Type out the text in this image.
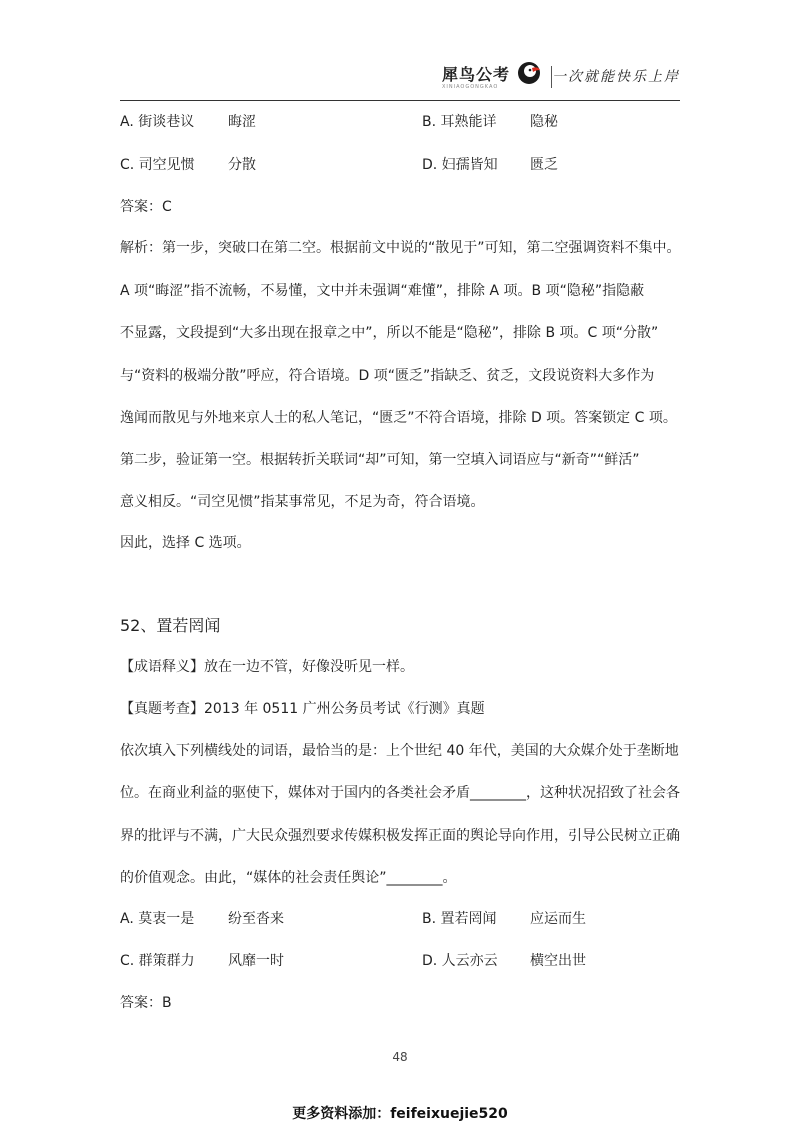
犀鸟公考
XINIAOGONGKAO
一次就能快乐上岸
A. 街谈巷议 晦涩	B. 耳熟能详 隐秘
C. 司空见惯 分散	D. 妇孺皆知 匮乏
答案：C
解析：第一步，突破口在第二空。根据前文中说的“散见于”可知，第二空强调资料不集中。
A 项“晦涩”指不流畅，不易懂，文中并未强调“难懂”，排除 A 项。B 项“隐秘”指隐蔽
不显露，文段提到“大多出现在报章之中”，所以不能是“隐秘”，排除 B 项。C 项“分散”
与“资料的极端分散”呼应，符合语境。D 项“匮乏”指缺乏、贫乏，文段说资料大多作为
逸闻而散见与外地来京人士的私人笔记，“匮乏”不符合语境，排除 D 项。答案锁定 C 项。
第二步，验证第一空。根据转折关联词“却”可知，第一空填入词语应与“新奇”“鲜活”
意义相反。“司空见惯”指某事常见，不足为奇，符合语境。
因此，选择 C 选项。
52、置若罔闻
【成语释义】放在一边不管，好像没听见一样。
【真题考查】2013 年 0511 广州公务员考试《行测》真题
依次填入下列横线处的词语，最恰当的是：上个世纪 40 年代，美国的大众媒介处于垄断地
位。在商业利益的驱使下，媒体对于国内的各类社会矛盾________，这种状况招致了社会各
界的批评与不满，广大民众强烈要求传媒积极发挥正面的舆论导向作用，引导公民树立正确
的价值观念。由此，“媒体的社会责任舆论”________。
A. 莫衷一是 纷至沓来	B. 置若罔闻 应运而生
C. 群策群力 风靡一时	D. 人云亦云 横空出世
答案：B
48
更多资料添加：feifeixuejie520
